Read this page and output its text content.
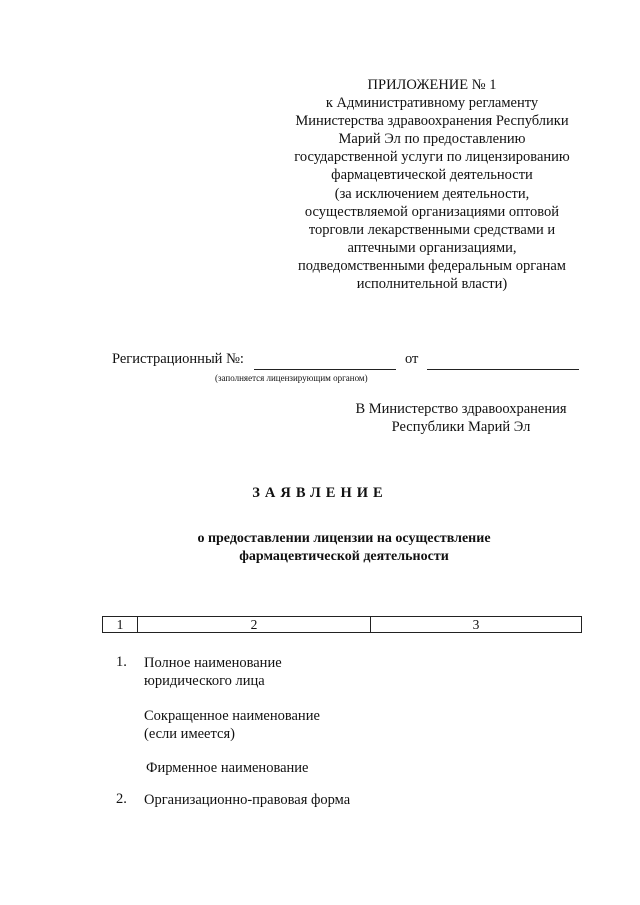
ПРИЛОЖЕНИЕ № 1
к Административному регламенту
Министерства здравоохранения Республики
Марий Эл по предоставлению
государственной услуги по лицензированию
фармацевтической деятельности
(за исключением деятельности,
осуществляемой организациями оптовой
торговли лекарственными средствами и
аптечными организациями,
подведомственными федеральным органам
исполнительной власти)
Регистрационный №:	от
(заполняется лицензирующим органом)
В Министерство здравоохранения
Республики Марий Эл
ЗАЯВЛЕНИЕ
о предоставлении лицензии на осуществление
фармацевтической деятельности
1	2	3
1. Полное наименование
юридического лица
Сокращенное наименование
(если имеется)
Фирменное наименование
2. Организационно-правовая форма
